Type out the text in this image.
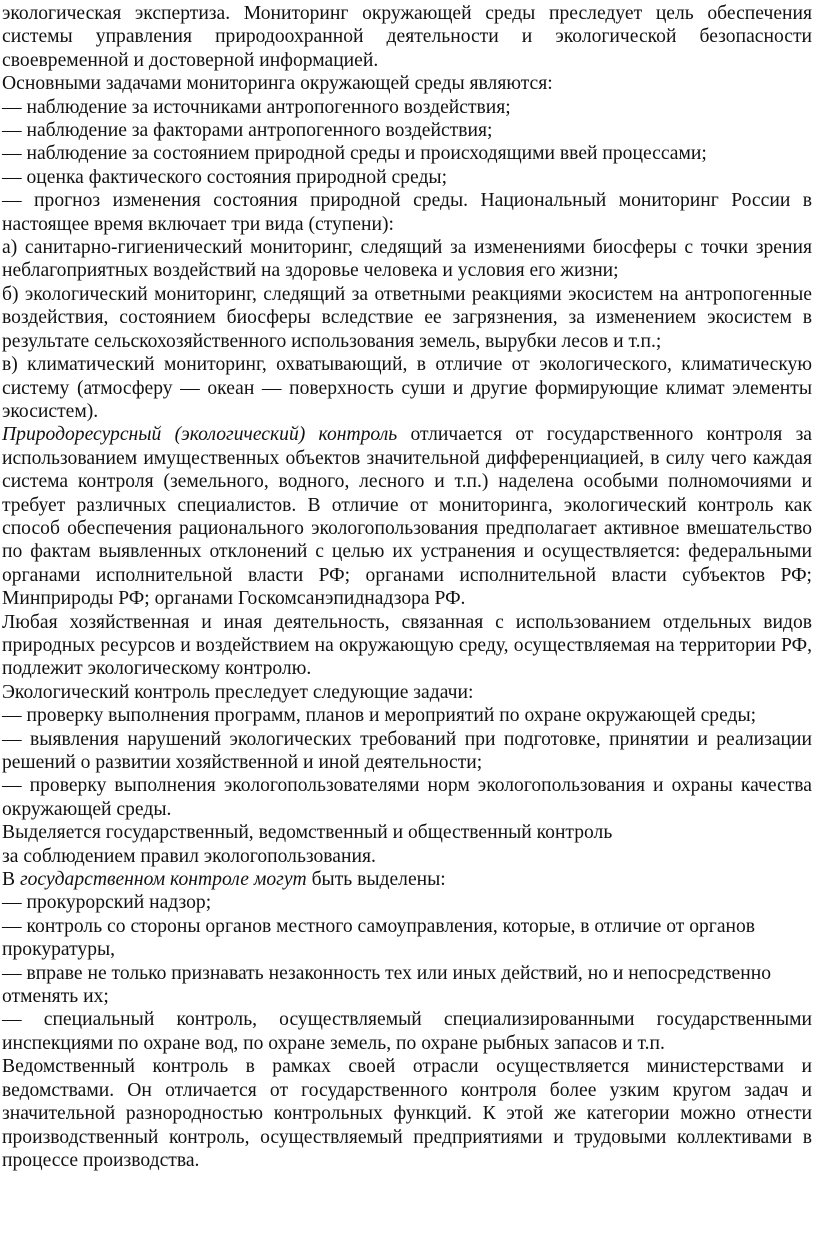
экологическая экспертиза. Мониторинг окружающей среды преследует цель обеспечения системы управления природоохранной деятельности и экологической безопасности своевременной и достоверной информацией.

Основными задачами мониторинга окружающей среды являются:

— наблюдение за источниками антропогенного воздействия;

— наблюдение за факторами антропогенного воздействия;

— наблюдение за состоянием природной среды и происходящими ввей процессами;

— оценка фактического состояния природной среды;

— прогноз изменения состояния природной среды. Национальный мониторинг России в настоящее время включает три вида (ступени):

а) санитарно-гигиенический мониторинг, следящий за изменениями биосферы с точки зрения неблагоприятных воздействий на здоровье человека и условия его жизни;

б) экологический мониторинг, следящий за ответными реакциями экосистем на антропогенные воздействия, состоянием биосферы вследствие ее загрязнения, за изменением экосистем в результате сельскохозяйственного использования земель, вырубки лесов и т.п.;

в) климатический мониторинг, охватывающий, в отличие от экологического, климатическую систему (атмосферу — океан — поверхность суши и другие формирующие климат элементы экосистем).

Природоресурсный (экологический) контроль отличается от государственного контроля за использованием имущественных объектов значительной дифференциацией, в силу чего каждая система контроля (земельного, водного, лесного и т.п.) наделена особыми полномочиями и требует различных специалистов. В отличие от мониторинга, экологический контроль как способ обеспечения рационального экологопользования предполагает активное вмешательство по фактам выявленных отклонений с целью их устранения и осуществляется: федеральными органами исполнительной власти РФ; органами исполнительной власти субъектов РФ; Минприроды РФ; органами Госкомсанэпиднадзора РФ.

Любая хозяйственная и иная деятельность, связанная с использованием отдельных видов природных ресурсов и воздействием на окружающую среду, осуществляемая на территории РФ, подлежит экологическому контролю.

Экологический контроль преследует следующие задачи:

— проверку выполнения программ, планов и мероприятий по охране окружающей среды;

— выявления нарушений экологических требований при подготовке, принятии и реализации решений о развитии хозяйственной и иной деятельности;

— проверку выполнения экологопользователями норм экологопользования и охраны качества окружающей среды.

Выделяется государственный, ведомственный и общественный контроль

за соблюдением правил экологопользования.

В государственном контроле могут быть выделены:

— прокурорский надзор;

— контроль со стороны органов местного самоуправления, которые, в отличие от органов прокуратуры,

— вправе не только признавать незаконность тех или иных действий, но и непосредственно отменять их;

— специальный контроль, осуществляемый специализированными государственными инспекциями по охране вод, по охране земель, по охране рыбных запасов и т.п.

Ведомственный контроль в рамках своей отрасли осуществляется министерствами и ведомствами. Он отличается от государственного контроля более узким кругом задач и значительной разнородностью контрольных функций. К этой же категории можно отнести производственный контроль, осуществляемый предприятиями и трудовыми коллективами в процессе производства.
